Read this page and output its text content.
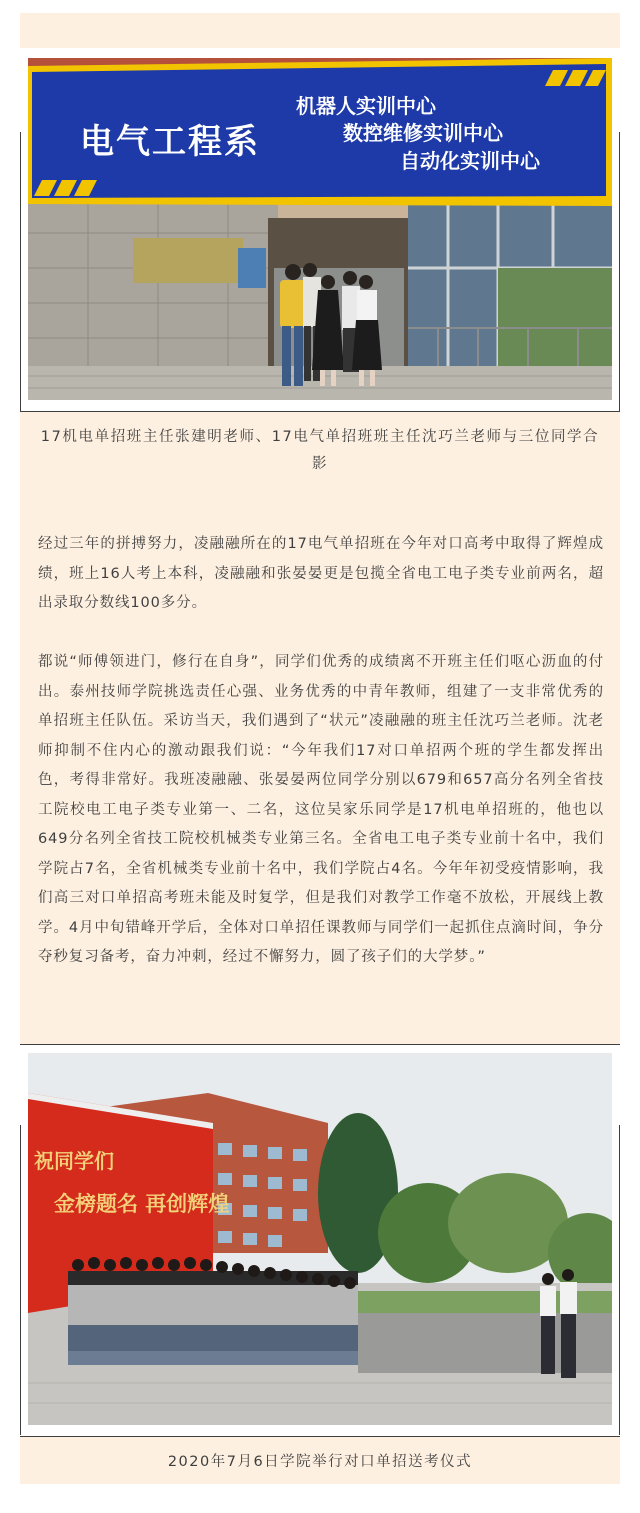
电气工程系
机器人实训中心
数控维修实训中心
自动化实训中心
17机电单招班主任张建明老师、17电气单招班班主任沈巧兰老师与三位同学合影
经过三年的拼搏努力，凌融融所在的17电气单招班在今年对口高考中取得了辉煌成绩，班上16人考上本科，凌融融和张晏晏更是包揽全省电工电子类专业前两名，超出录取分数线100多分。
都说“师傅领进门，修行在自身”，同学们优秀的成绩离不开班主任们呕心沥血的付出。泰州技师学院挑选责任心强、业务优秀的中青年教师，组建了一支非常优秀的单招班主任队伍。采访当天，我们遇到了“状元”凌融融的班主任沈巧兰老师。沈老师抑制不住内心的激动跟我们说：“今年我们17对口单招两个班的学生都发挥出色，考得非常好。我班凌融融、张晏晏两位同学分别以679和657高分名列全省技工院校电工电子类专业第一、二名，这位吴家乐同学是17机电单招班的，他也以649分名列全省技工院校机械类专业第三名。全省电工电子类专业前十名中，我们学院占7名，全省机械类专业前十名中，我们学院占4名。今年年初受疫情影响，我们高三对口单招高考班未能及时复学，但是我们对教学工作毫不放松，开展线上教学。4月中旬错峰开学后，全体对口单招任课教师与同学们一起抓住点滴时间，争分夺秒复习备考，奋力冲刺，经过不懈努力，圆了孩子们的大学梦。”
祝同学们
金榜题名 再创辉煌
2020年7月6日学院举行对口单招送考仪式
